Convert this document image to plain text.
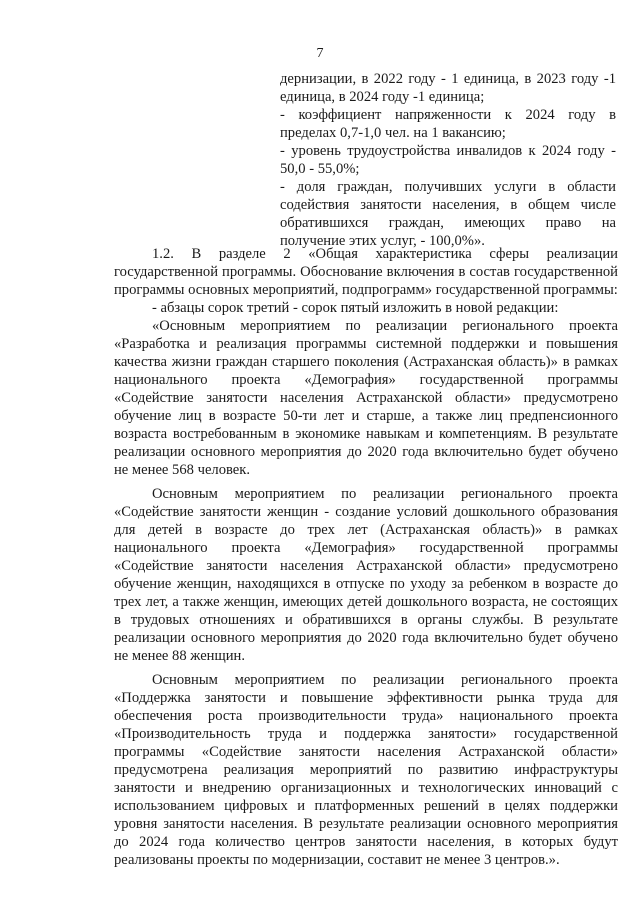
7

дернизации, в 2022 году - 1 единица, в 2023 году -1 единица, в 2024 году -1 единица;

- коэффициент напряженности к 2024 году в пределах 0,7-1,0 чел. на 1 вакансию;

- уровень трудоустройства инвалидов к 2024 году - 50,0 - 55,0%;

- доля граждан, получивших услуги в области содействия занятости населения, в общем числе обратившихся граждан, имеющих право на получение этих услуг, - 100,0%».

1.2. В разделе 2 «Общая характеристика сферы реализации государственной программы. Обоснование включения в состав государственной программы основных мероприятий, подпрограмм» государственной программы:

- абзацы сорок третий - сорок пятый изложить в новой редакции:

«Основным мероприятием по реализации регионального проекта «Разработка и реализация программы системной поддержки и повышения качества жизни граждан старшего поколения (Астраханская область)» в рамках национального проекта «Демография» государственной программы «Содействие занятости населения Астраханской области» предусмотрено обучение лиц в возрасте 50-ти лет и старше, а также лиц предпенсионного возраста востребованным в экономике навыкам и компетенциям. В результате реализации основного мероприятия до 2020 года включительно будет обучено не менее 568 человек.

Основным мероприятием по реализации регионального проекта «Содействие занятости женщин - создание условий дошкольного образования для детей в возрасте до трех лет (Астраханская область)» в рамках национального проекта «Демография» государственной программы «Содействие занятости населения Астраханской области» предусмотрено обучение женщин, находящихся в отпуске по уходу за ребенком в возрасте до трех лет, а также женщин, имеющих детей дошкольного возраста, не состоящих в трудовых отношениях и обратившихся в органы службы. В результате реализации основного мероприятия до 2020 года включительно будет обучено не менее 88 женщин.

Основным мероприятием по реализации регионального проекта «Поддержка занятости и повышение эффективности рынка труда для обеспечения роста производительности труда» национального проекта «Производительность труда и поддержка занятости» государственной программы «Содействие занятости населения Астраханской области» предусмотрена реализация мероприятий по развитию инфраструктуры занятости и внедрению организационных и технологических инноваций с использованием цифровых и платформенных решений в целях поддержки уровня занятости населения. В результате реализации основного мероприятия до 2024 года количество центров занятости населения, в которых будут реализованы проекты по модернизации, составит не менее 3 центров.».
